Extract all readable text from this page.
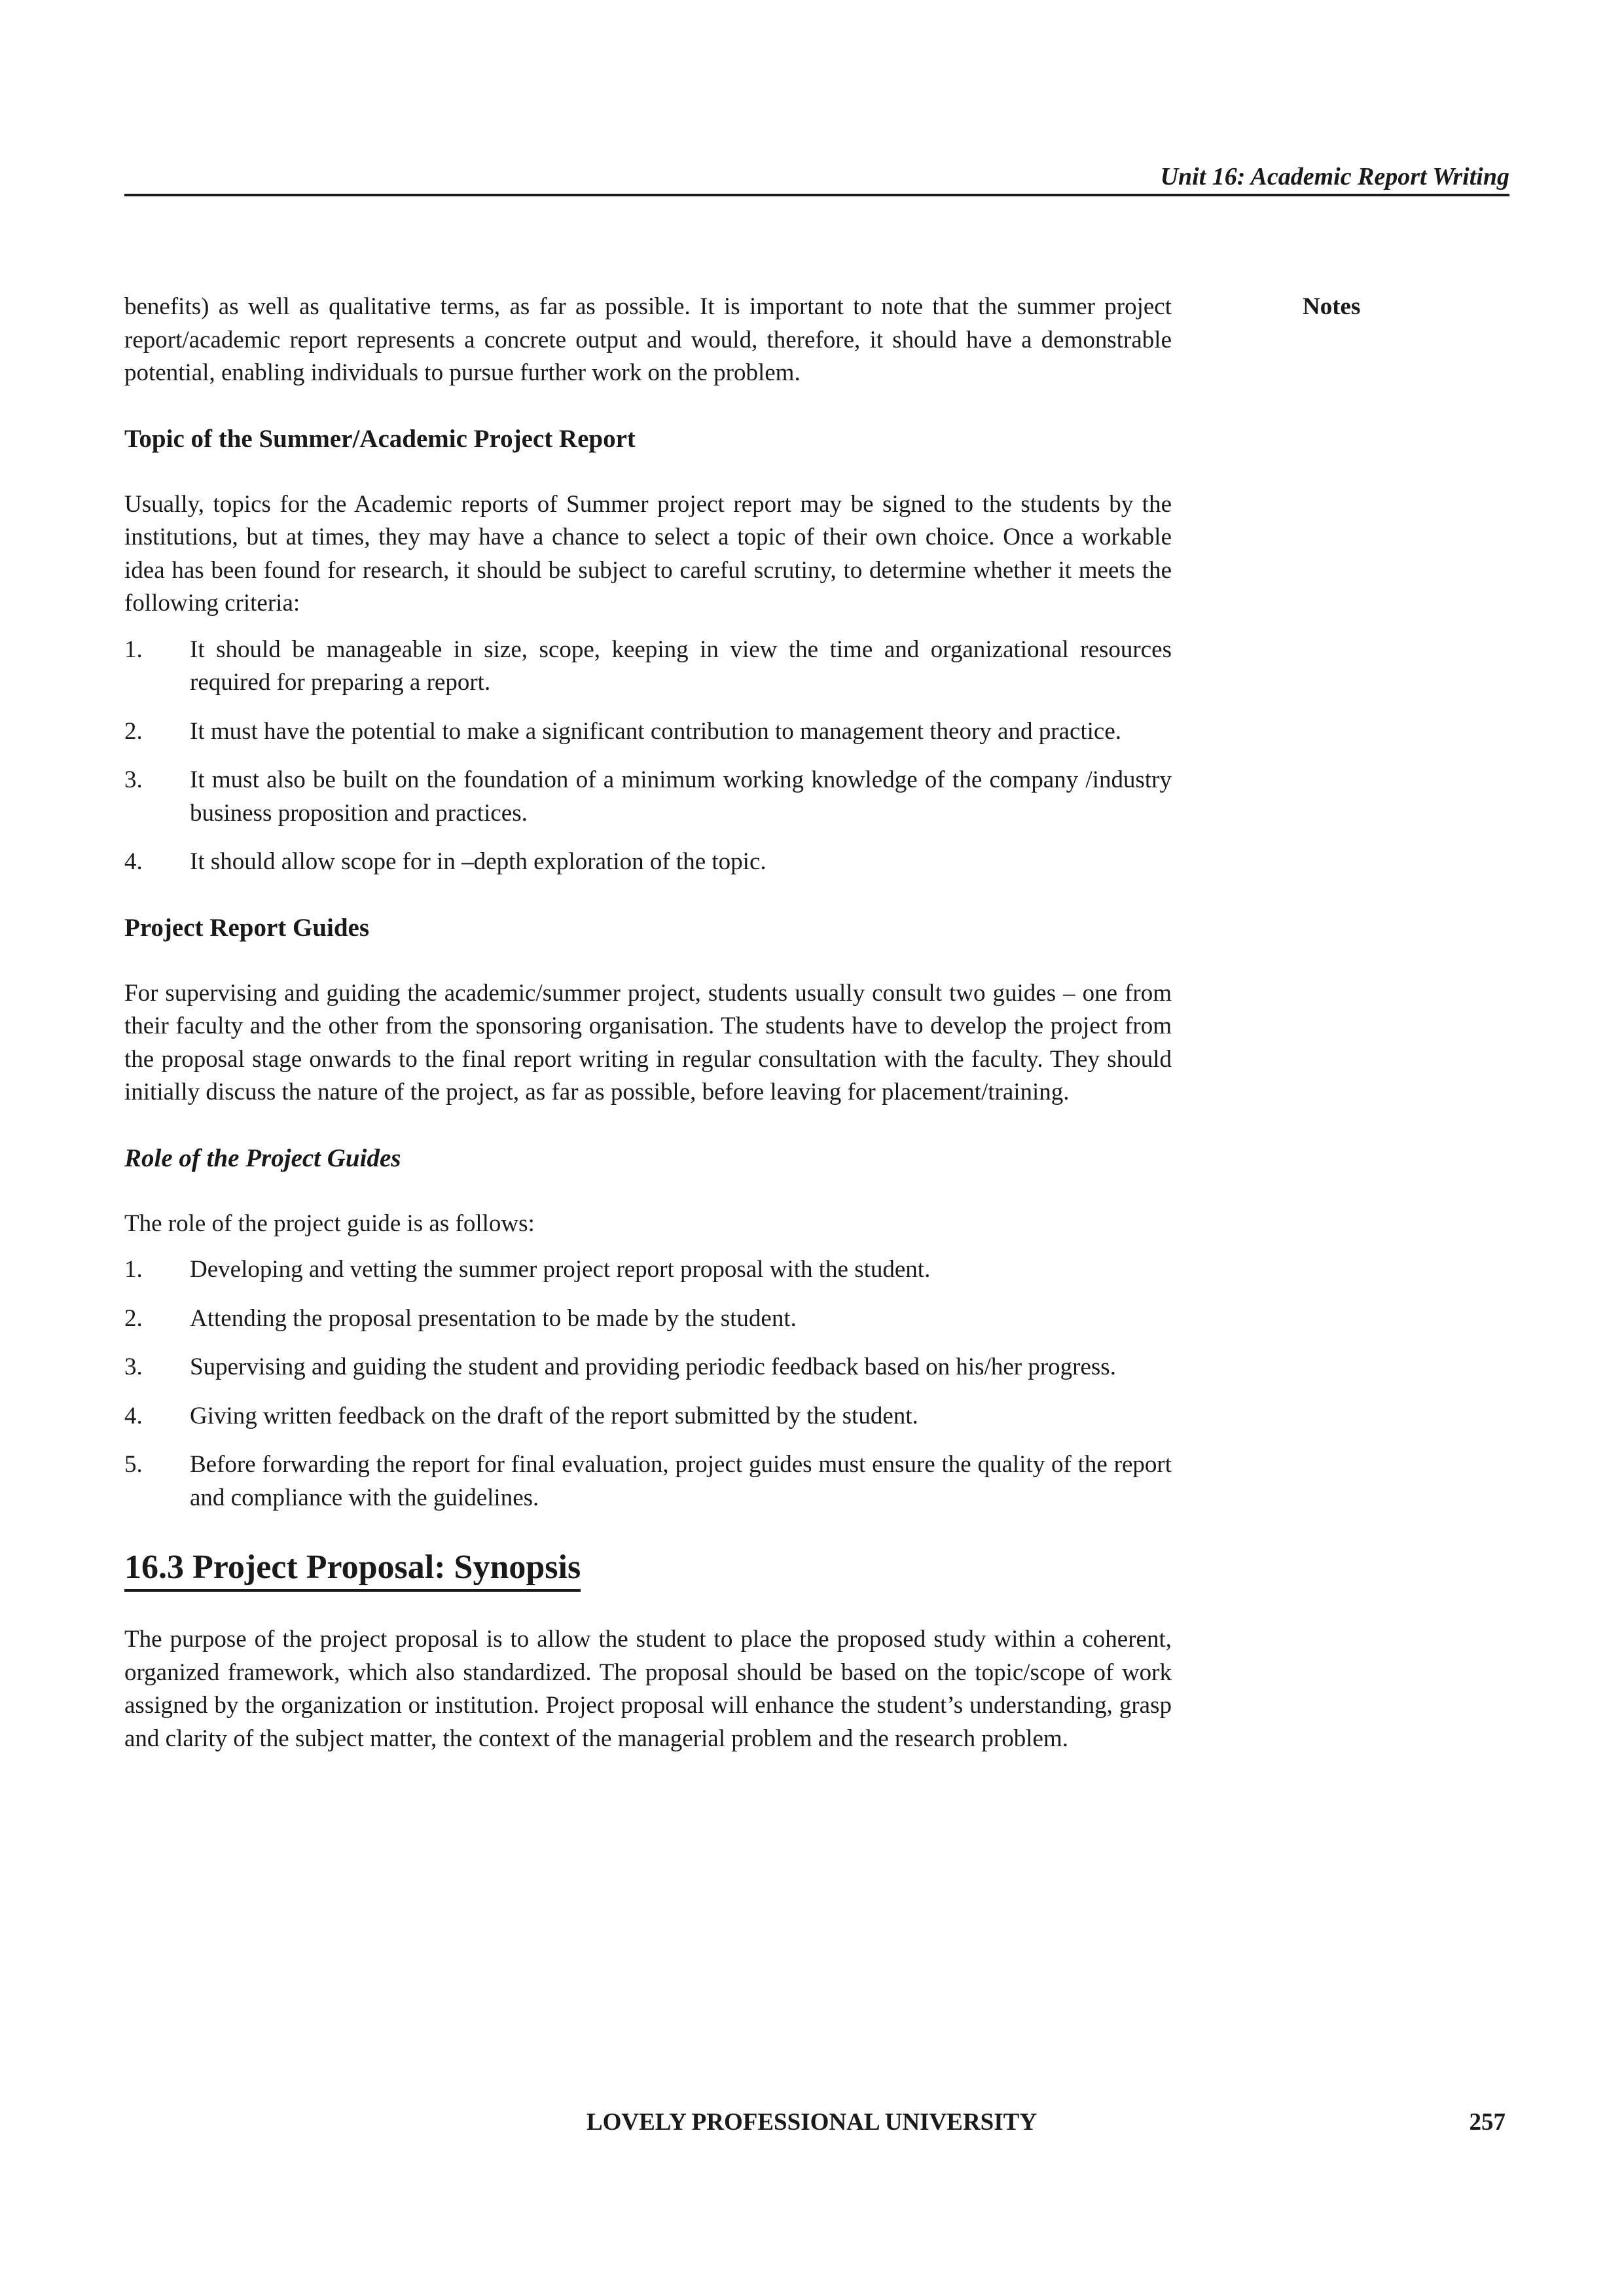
Unit 16: Academic Report Writing
Notes

benefits) as well as qualitative terms, as far as possible. It is important to note that the summer project report/academic report represents a concrete output and would, therefore, it should have a demonstrable potential, enabling individuals to pursue further work on the problem.

Topic of the Summer/Academic Project Report

Usually, topics for the Academic reports of Summer project report may be signed to the students by the institutions, but at times, they may have a chance to select a topic of their own choice. Once a workable idea has been found for research, it should be subject to careful scrutiny, to determine whether it meets the following criteria:

1.	It should be manageable in size, scope, keeping in view the time and organizational resources required for preparing a report.
2.	It must have the potential to make a significant contribution to management theory and practice.
3.	It must also be built on the foundation of a minimum working knowledge of the company /industry business proposition and practices.
4.	It should allow scope for in –depth exploration of the topic.
Project Report Guides

For supervising and guiding the academic/summer project, students usually consult two guides – one from their faculty and the other from the sponsoring organisation. The students have to develop the project from the proposal stage onwards to the final report writing in regular consultation with the faculty. They should initially discuss the nature of the project, as far as possible, before leaving for placement/training.

Role of the Project Guides

The role of the project guide is as follows:

1.	Developing and vetting the summer project report proposal with the student.
2.	Attending the proposal presentation to be made by the student.
3.	Supervising and guiding the student and providing periodic feedback based on his/her progress.
4.	Giving written feedback on the draft of the report submitted by the student.
5.	Before forwarding the report for final evaluation, project guides must ensure the quality of the report and compliance with the guidelines.
16.3 Project Proposal: Synopsis

The purpose of the project proposal is to allow the student to place the proposed study within a coherent, organized framework, which also standardized. The proposal should be based on the topic/scope of work assigned by the organization or institution. Project proposal will enhance the student’s understanding, grasp and clarity of the subject matter, the context of the managerial problem and the research problem.

LOVELY PROFESSIONAL UNIVERSITY	257
